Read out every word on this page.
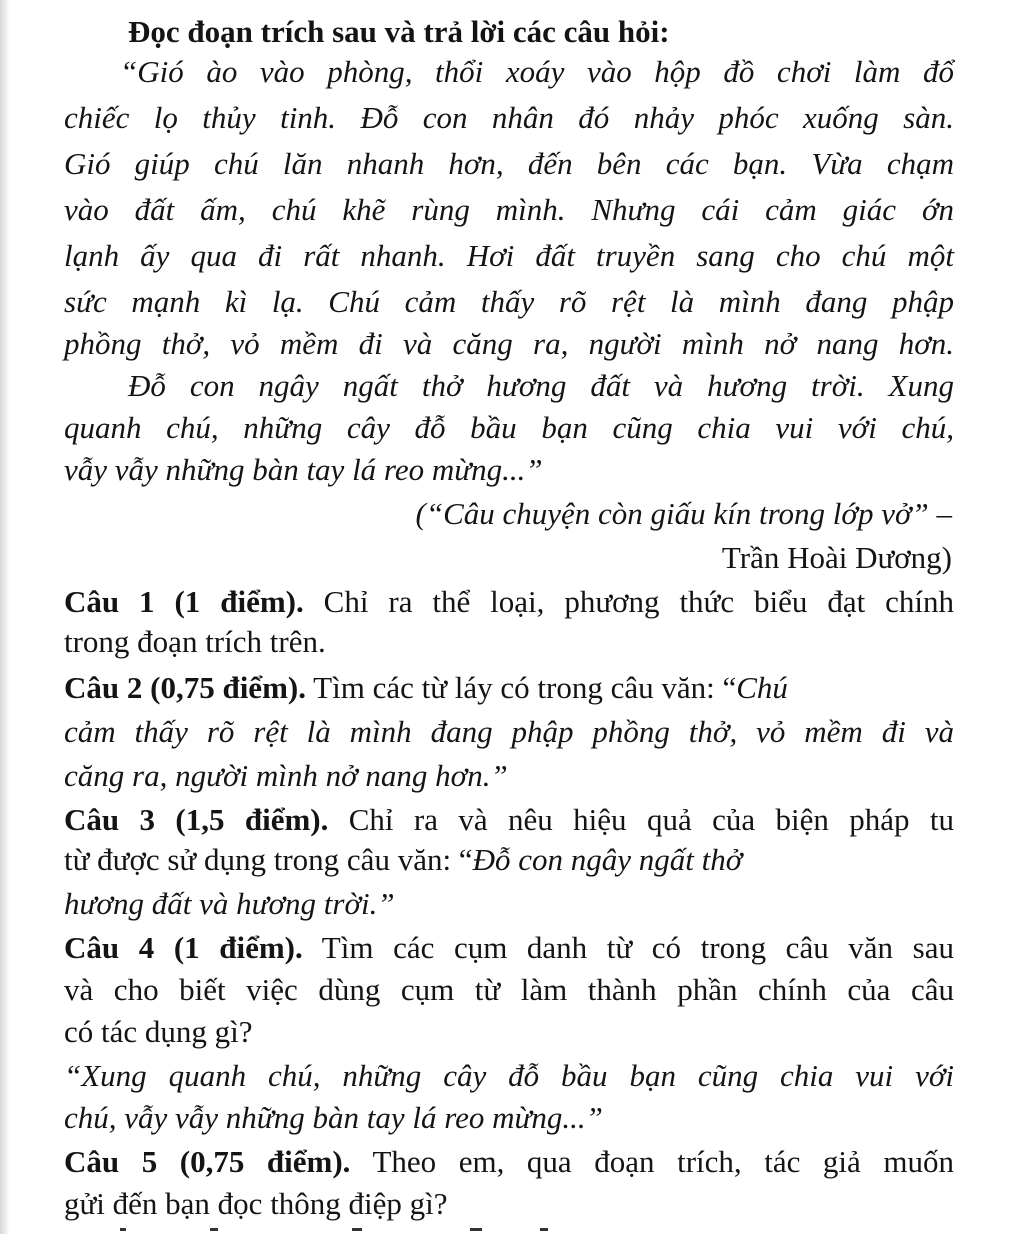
Đọc đoạn trích sau và trả lời các câu hỏi:
“Gió ào vào phòng, thổi xoáy vào hộp đồ chơi làm đổ
chiếc lọ thủy tinh. Đỗ con nhân đó nhảy phóc xuống sàn.
Gió giúp chú lăn nhanh hơn, đến bên các bạn. Vừa chạm
vào đất ấm, chú khẽ rùng mình. Nhưng cái cảm giác ớn
lạnh ấy qua đi rất nhanh. Hơi đất truyền sang cho chú một
sức mạnh kì lạ. Chú cảm thấy rõ rệt là mình đang phập
phồng thở, vỏ mềm đi và căng ra, người mình nở nang hơn.
Đỗ con ngây ngất thở hương đất và hương trời. Xung
quanh chú, những cây đỗ bầu bạn cũng chia vui với chú,
vẫy vẫy những bàn tay lá reo mừng...”
(“Câu chuyện còn giấu kín trong lớp vở” –
Trần Hoài Dương)
Câu 1 (1 điểm). Chỉ ra thể loại, phương thức biểu đạt chính
trong đoạn trích trên.
Câu 2 (0,75 điểm). Tìm các từ láy có trong câu văn: “Chú
cảm thấy rõ rệt là mình đang phập phồng thở, vỏ mềm đi và
căng ra, người mình nở nang hơn.”
Câu 3 (1,5 điểm). Chỉ ra và nêu hiệu quả của biện pháp tu
từ được sử dụng trong câu văn: “Đỗ con ngây ngất thở
hương đất và hương trời.”
Câu 4 (1 điểm). Tìm các cụm danh từ có trong câu văn sau
và cho biết việc dùng cụm từ làm thành phần chính của câu
có tác dụng gì?
“Xung quanh chú, những cây đỗ bầu bạn cũng chia vui với
chú, vẫy vẫy những bàn tay lá reo mừng...”
Câu 5 (0,75 điểm). Theo em, qua đoạn trích, tác giả muốn
gửi đến bạn đọc thông điệp gì?
